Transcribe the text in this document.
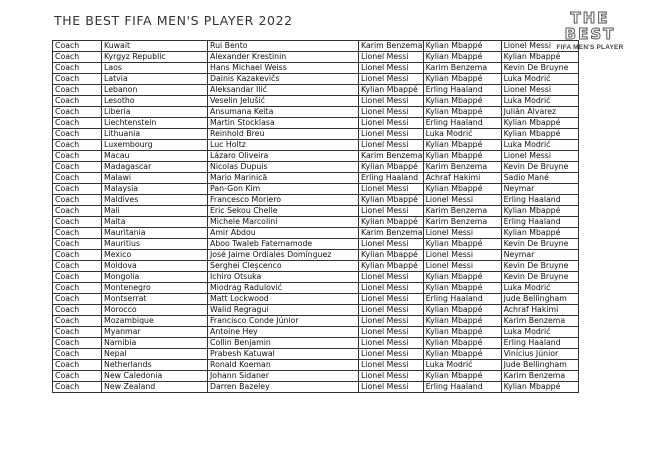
THE BEST FIFA MEN'S PLAYER 2022	THE BEST
FIFA MEN'S PLAYER
Coach	Kuwait	Rui Bento	Karim Benzema	Kylian Mbappé	Lionel Messi
Coach	Kyrgyz Republic	Alexander Krestinin	Lionel Messi	Kylian Mbappé	Kylian Mbappé
Coach	Laos	Hans Michael Weiss	Lionel Messi	Karim Benzema	Kevin De Bruyne
Coach	Latvia	Dainis Kazakevičs	Lionel Messi	Kylian Mbappé	Luka Modrić
Coach	Lebanon	Aleksandar Ilić	Kylian Mbappé	Erling Haaland	Lionel Messi
Coach	Lesotho	Veselin Jelušić	Lionel Messi	Kylian Mbappé	Luka Modrić
Coach	Liberia	Ansumana Keita	Lionel Messi	Kylian Mbappé	Julián Álvarez
Coach	Liechtenstein	Martin Stocklasa	Lionel Messi	Erling Haaland	Kylian Mbappé
Coach	Lithuania	Reinhold Breu	Lionel Messi	Luka Modrić	Kylian Mbappé
Coach	Luxembourg	Luc Holtz	Lionel Messi	Kylian Mbappé	Luka Modrić
Coach	Macau	Lázaro Oliveira	Karim Benzema	Kylian Mbappé	Lionel Messi
Coach	Madagascar	Nicolas Dupuis	Kylian Mbappé	Karim Benzema	Kevin De Bruyne
Coach	Malawi	Mario Marinică	Erling Haaland	Achraf Hakimi	Sadio Mané
Coach	Malaysia	Pan-Gon Kim	Lionel Messi	Kylian Mbappé	Neymar
Coach	Maldives	Francesco Moriero	Kylian Mbappé	Lionel Messi	Erling Haaland
Coach	Mali	Eric Sekou Chelle	Lionel Messi	Karim Benzema	Kylian Mbappé
Coach	Malta	Michele Marcolini	Kylian Mbappé	Karim Benzema	Erling Haaland
Coach	Mauritania	Amir Abdou	Karim Benzema	Lionel Messi	Kylian Mbappé
Coach	Mauritius	Aboo Twaleb Fatemamode	Lionel Messi	Kylian Mbappé	Kevin De Bruyne
Coach	Mexico	José Jaime Ordiales Domínguez	Kylian Mbappé	Lionel Messi	Neymar
Coach	Moldova	Serghei Cleşcenco	Kylian Mbappé	Lionel Messi	Kevin De Bruyne
Coach	Mongolia	Ichiro Otsuka	Lionel Messi	Kylian Mbappé	Kevin De Bruyne
Coach	Montenegro	Miodrag Radulović	Lionel Messi	Kylian Mbappé	Luka Modrić
Coach	Montserrat	Matt Lockwood	Lionel Messi	Erling Haaland	Jude Bellingham
Coach	Morocco	Walid Regragui	Lionel Messi	Kylian Mbappé	Achraf Hakimi
Coach	Mozambique	Francisco Conde Júnior	Lionel Messi	Kylian Mbappé	Karim Benzema
Coach	Myanmar	Antoine Hey	Lionel Messi	Kylian Mbappé	Luka Modrić
Coach	Namibia	Collin Benjamin	Lionel Messi	Kylian Mbappé	Erling Haaland
Coach	Nepal	Prabesh Katuwal	Lionel Messi	Kylian Mbappé	Vinícius Júnior
Coach	Netherlands	Ronald Koeman	Lionel Messi	Luka Modrić	Jude Bellingham
Coach	New Caledonia	Johann Sidaner	Lionel Messi	Kylian Mbappé	Karim Benzema
Coach	New Zealand	Darren Bazeley	Lionel Messi	Erling Haaland	Kylian Mbappé
